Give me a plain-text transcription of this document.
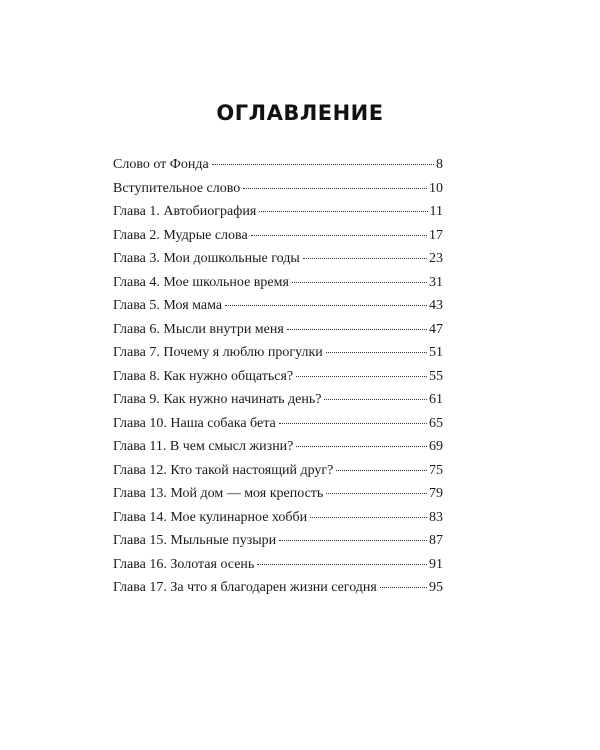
ОГЛАВЛЕНИЕ
Слово от Фонда	8
Вступительное слово	10
Глава 1. Автобиография	11
Глава 2. Мудрые слова	17
Глава 3. Мои дошкольные годы	23
Глава 4. Мое школьное время	31
Глава 5. Моя мама	43
Глава 6. Мысли внутри меня	47
Глава 7. Почему я люблю прогулки	51
Глава 8. Как нужно общаться?	55
Глава 9. Как нужно начинать день?	61
Глава 10. Наша собака бета	65
Глава 11. В чем смысл жизни?	69
Глава 12. Кто такой настоящий друг?	75
Глава 13. Мой дом — моя крепость	79
Глава 14. Мое кулинарное хобби	83
Глава 15. Мыльные пузыри	87
Глава 16. Золотая осень	91
Глава 17. За что я благодарен жизни сегодня	95
